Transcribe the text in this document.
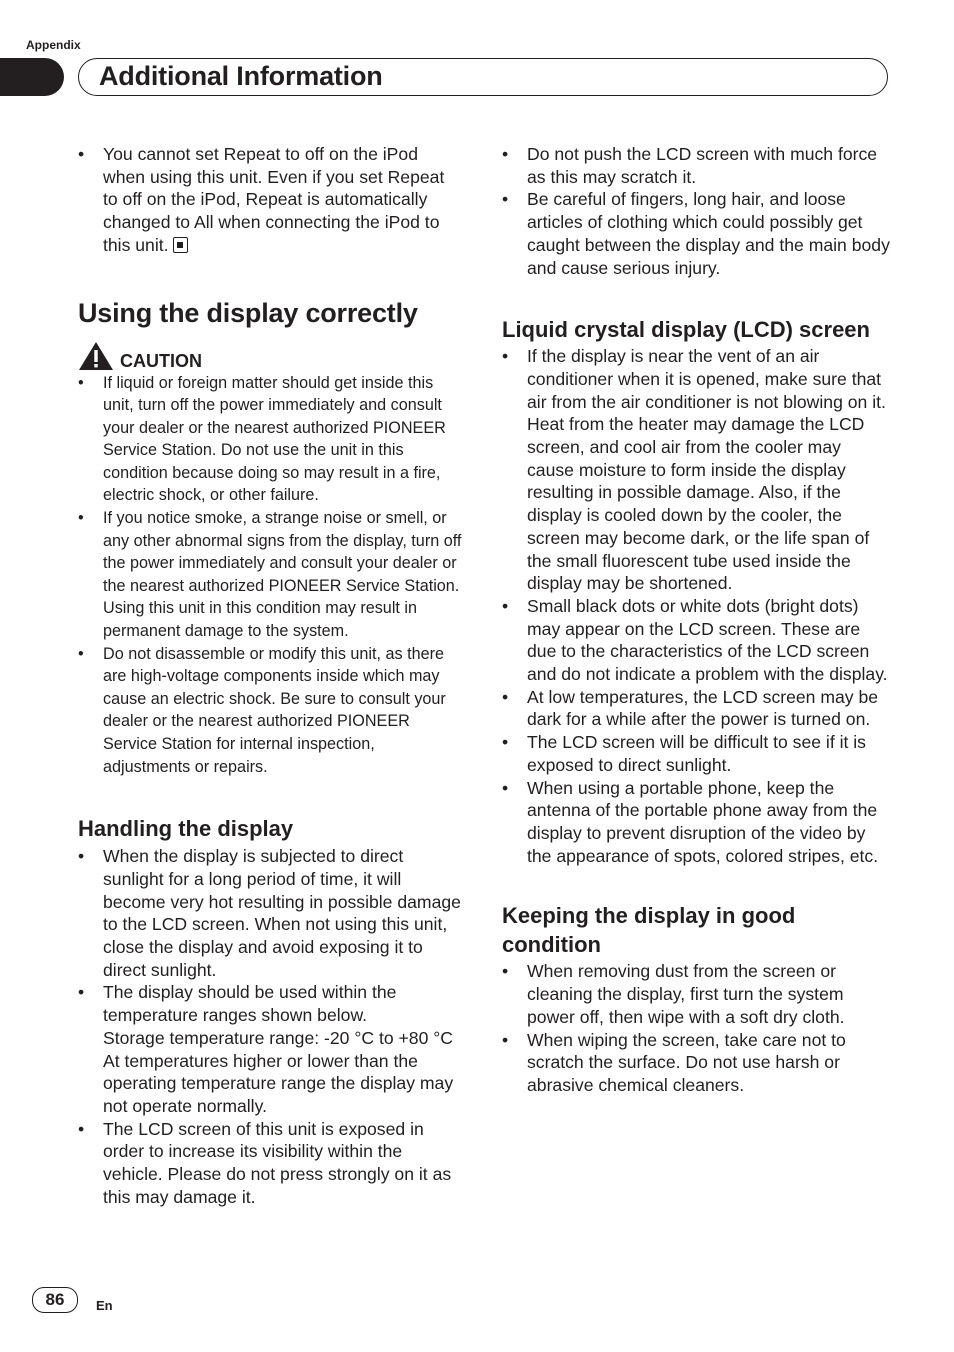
Appendix
Additional Information
• You cannot set Repeat to off on the iPod when using this unit. Even if you set Repeat to off on the iPod, Repeat is automatically changed to All when connecting the iPod to this unit.
Using the display correctly
CAUTION
• If liquid or foreign matter should get inside this unit, turn off the power immediately and consult your dealer or the nearest authorized PIONEER Service Station. Do not use the unit in this condition because doing so may result in a fire, electric shock, or other failure.
• If you notice smoke, a strange noise or smell, or any other abnormal signs from the display, turn off the power immediately and consult your dealer or the nearest authorized PIONEER Service Station. Using this unit in this condition may result in permanent damage to the system.
• Do not disassemble or modify this unit, as there are high-voltage components inside which may cause an electric shock. Be sure to consult your dealer or the nearest authorized PIONEER Service Station for internal inspection, adjustments or repairs.
Handling the display
• When the display is subjected to direct sunlight for a long period of time, it will become very hot resulting in possible damage to the LCD screen. When not using this unit, close the display and avoid exposing it to direct sunlight.
• The display should be used within the temperature ranges shown below.
Storage temperature range: -20 °C to +80 °C
At temperatures higher or lower than the operating temperature range the display may not operate normally.
• The LCD screen of this unit is exposed in order to increase its visibility within the vehicle. Please do not press strongly on it as this may damage it.
• Do not push the LCD screen with much force as this may scratch it.
• Be careful of fingers, long hair, and loose articles of clothing which could possibly get caught between the display and the main body and cause serious injury.
Liquid crystal display (LCD) screen
• If the display is near the vent of an air conditioner when it is opened, make sure that air from the air conditioner is not blowing on it. Heat from the heater may damage the LCD screen, and cool air from the cooler may cause moisture to form inside the display resulting in possible damage. Also, if the display is cooled down by the cooler, the screen may become dark, or the life span of the small fluorescent tube used inside the display may be shortened.
• Small black dots or white dots (bright dots) may appear on the LCD screen. These are due to the characteristics of the LCD screen and do not indicate a problem with the display.
• At low temperatures, the LCD screen may be dark for a while after the power is turned on.
• The LCD screen will be difficult to see if it is exposed to direct sunlight.
• When using a portable phone, keep the antenna of the portable phone away from the display to prevent disruption of the video by the appearance of spots, colored stripes, etc.
Keeping the display in good condition
• When removing dust from the screen or cleaning the display, first turn the system power off, then wipe with a soft dry cloth.
• When wiping the screen, take care not to scratch the surface. Do not use harsh or abrasive chemical cleaners.
86	En
